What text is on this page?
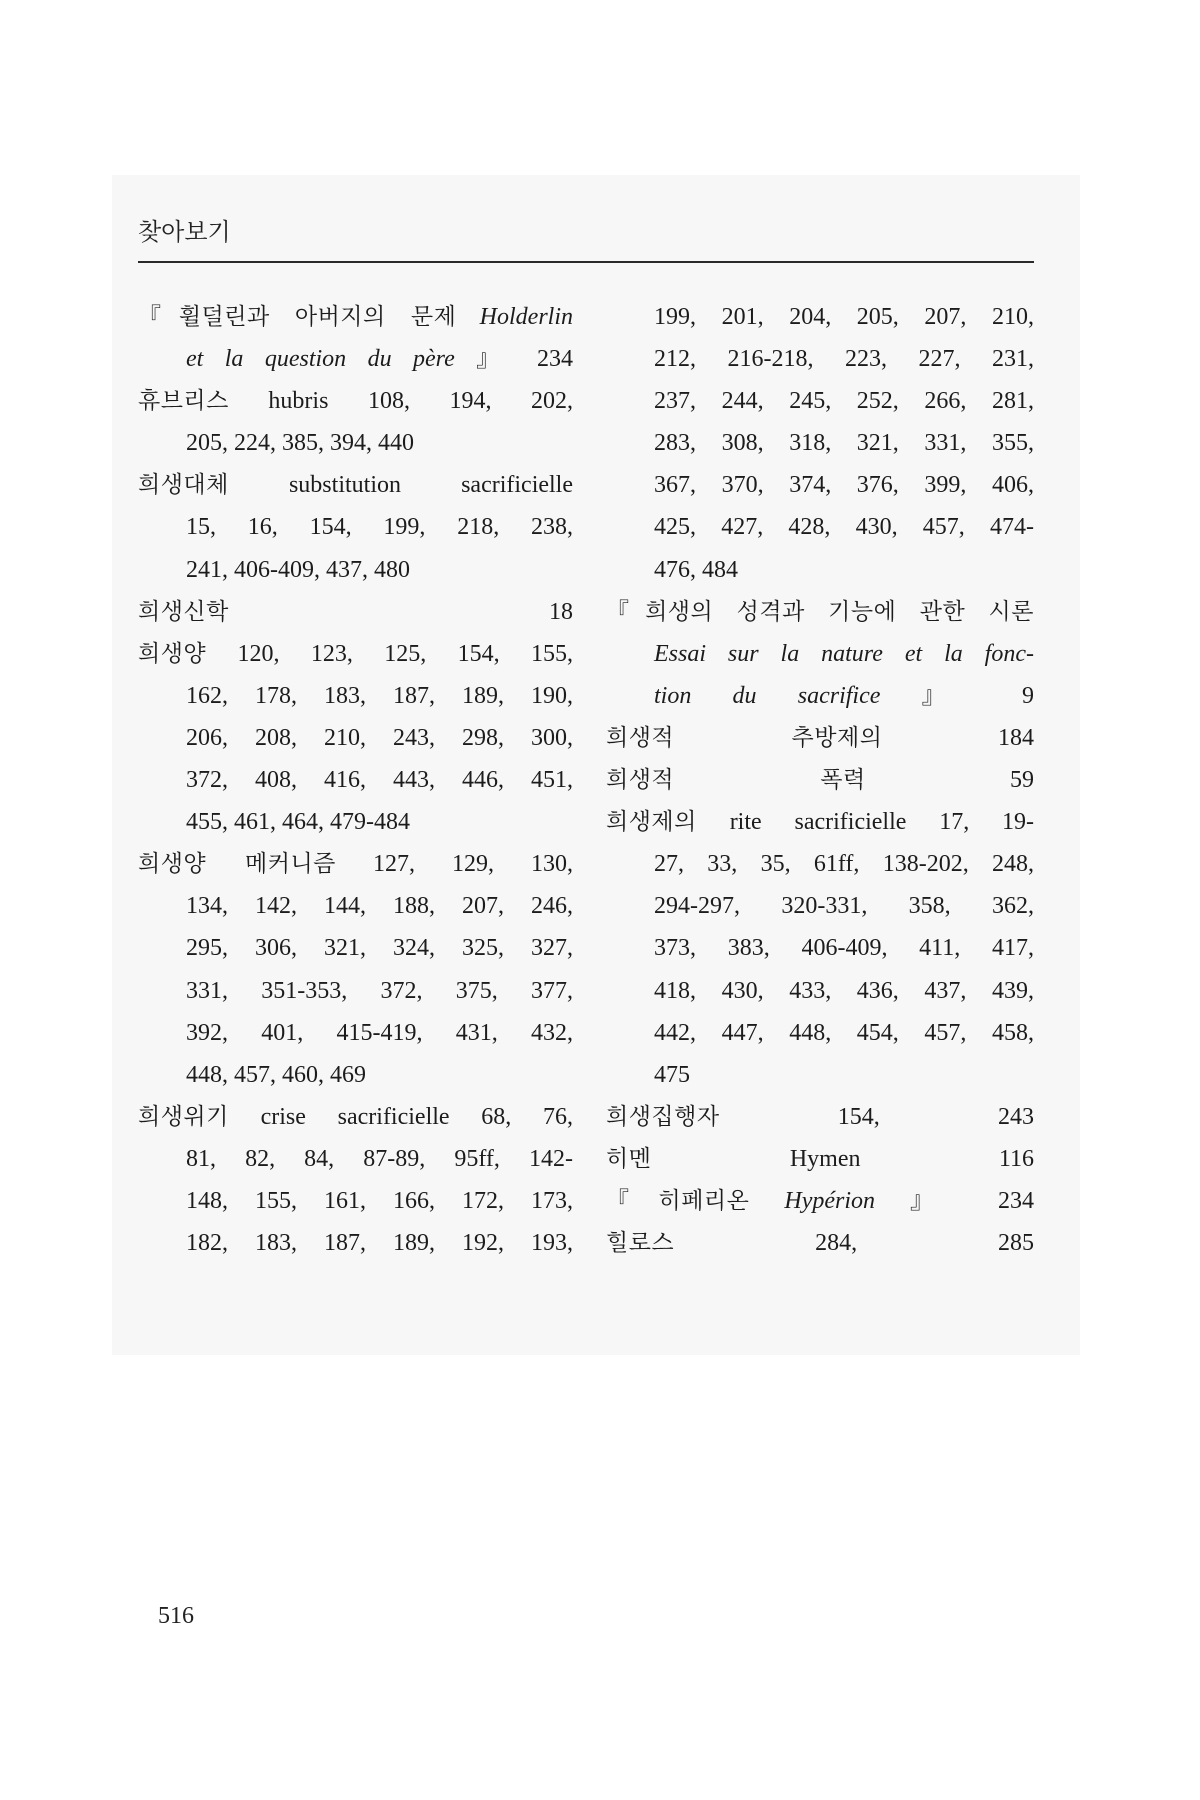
찾아보기
『휠덜린과 아버지의 문제 Holderlin
et la question du père 』 234
휴브리스 hubris 108, 194, 202,
205, 224, 385, 394, 440
희생대체	substitution sacrificielle
15, 16, 154, 199, 218, 238,
241, 406-409, 437, 480
희생신학	18
희생양 120, 123, 125, 154, 155,
162, 178, 183, 187, 189, 190,
206, 208, 210, 243, 298, 300,
372, 408, 416, 443, 446, 451,
455, 461, 464, 479-484
희생양 메커니즘 127, 129, 130,
134, 142, 144, 188, 207, 246,
295, 306, 321, 324, 325, 327,
331, 351-353, 372, 375, 377,
392, 401, 415-419, 431, 432,
448, 457, 460, 469
희생위기 crise sacrificielle 68, 76,
81, 82, 84, 87-89, 95ff, 142-
148, 155, 161, 166, 172, 173,
182, 183, 187, 189, 192, 193,
199, 201, 204, 205, 207, 210,
212, 216-218, 223, 227, 231,
237, 244, 245, 252, 266, 281,
283, 308, 318, 321, 331, 355,
367, 370, 374, 376, 399, 406,
425, 427, 428, 430, 457, 474-
476, 484
『희생의 성격과 기능에 관한 시론
Essai sur la nature et la fonc-
tion du sacrifice 』 9
희생적 추방제의	184
희생적 폭력	59
희생제의 rite sacrificielle 17, 19-
27, 33, 35, 61ff, 138-202, 248,
294-297, 320-331, 358, 362,
373, 383, 406-409, 411, 417,
418, 430, 433, 436, 437, 439,
442, 447, 448, 454, 457, 458,
475
희생집행자	154, 243
히멘	Hymen 116
『히페리온 Hypérion 』 234
힐로스	284, 285
516
